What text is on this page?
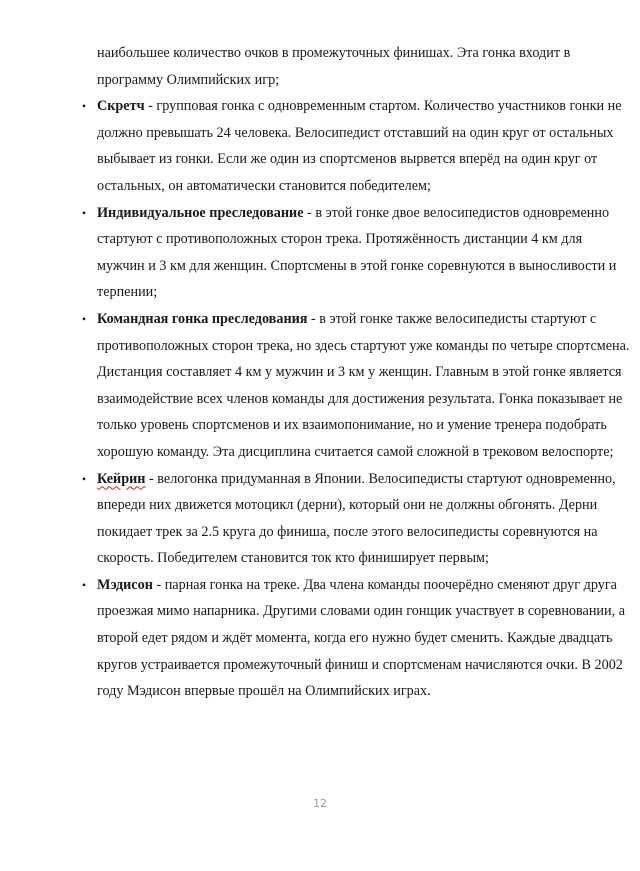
наибольшее количество очков в промежуточных финишах. Эта гонка входит в программу Олимпийских игр;

• Скретч - групповая гонка с одновременным стартом. Количество участников гонки не должно превышать 24 человека. Велосипедист отставший на один круг от остальных выбывает из гонки. Если же один из спортсменов вырвется вперёд на один круг от остальных, он автоматически становится победителем;
• Индивидуальное преследование - в этой гонке двое велосипедистов одновременно стартуют с противоположных сторон трека. Протяжённость дистанции 4 км для мужчин и 3 км для женщин. Спортсмены в этой гонке соревнуются в выносливости и терпении;
• Командная гонка преследования - в этой гонке также велосипедисты стартуют с противоположных сторон трека, но здесь стартуют уже команды по четыре спортсмена. Дистанция составляет 4 км у мужчин и 3 км у женщин. Главным в этой гонке является взаимодействие всех членов команды для достижения результата. Гонка показывает не только уровень спортсменов и их взаимопонимание, но и умение тренера подобрать хорошую команду. Эта дисциплина считается самой сложной в трековом велоспорте;
• Кейрин - велогонка придуманная в Японии. Велосипедисты стартуют одновременно, впереди них движется мотоцикл (дерни), который они не должны обгонять. Дерни покидает трек за 2.5 круга до финиша, после этого велосипедисты соревнуются на скорость. Победителем становится ток кто финиширует первым;
• Мэдисон - парная гонка на треке. Два члена команды поочерёдно сменяют друг друга проезжая мимо напарника. Другими словами один гонщик участвует в соревновании, а второй едет рядом и ждёт момента, когда его нужно будет сменить. Каждые двадцать кругов устраивается промежуточный финиш и спортсменам начисляются очки. В 2002 году Мэдисон впервые прошёл на Олимпийских играх.
12
